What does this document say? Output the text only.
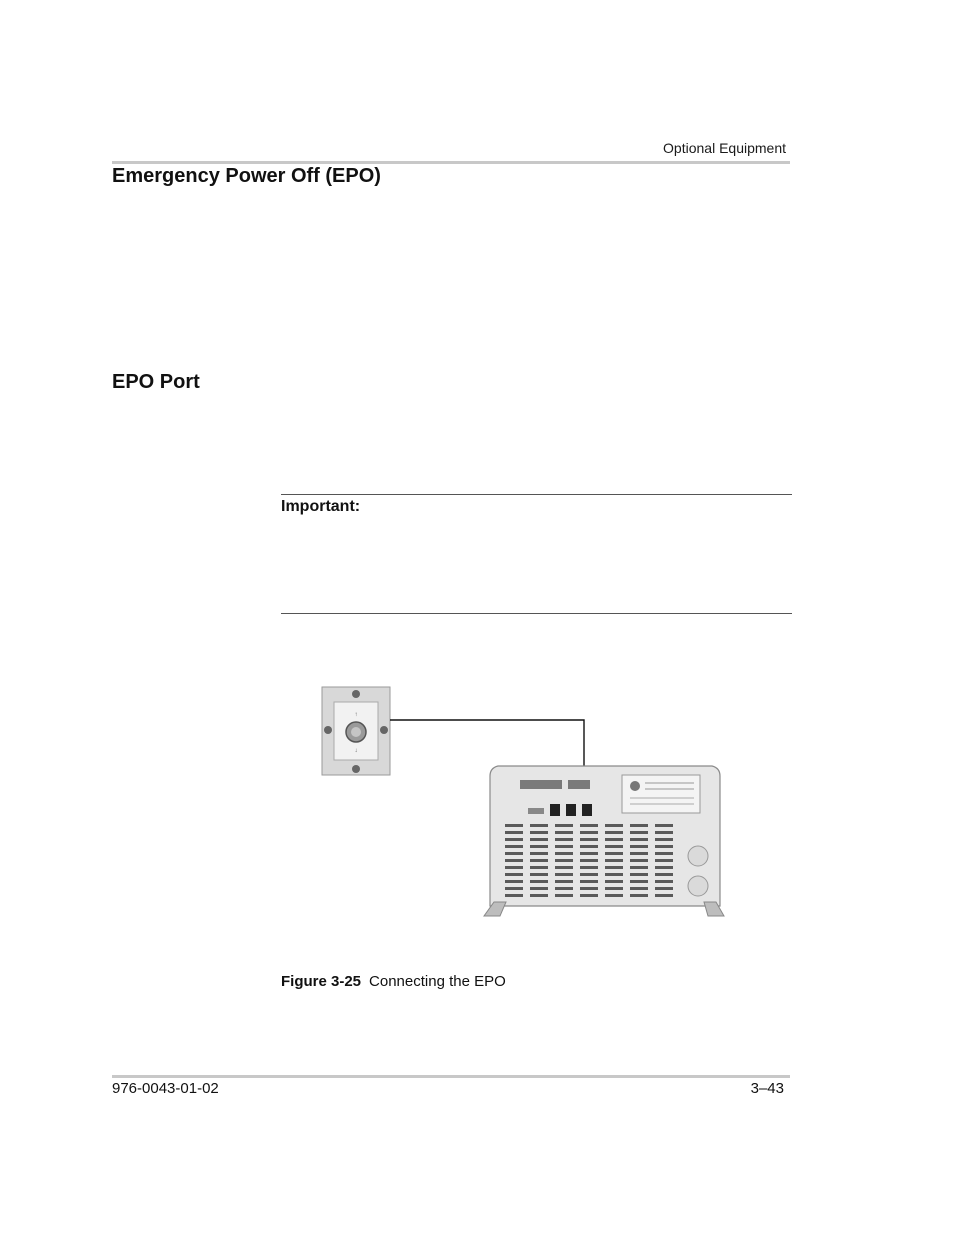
Optional Equipment
Emergency Power Off (EPO)
EPO Port
Important:
↑
↓
Figure 3-25 Connecting the EPO
976-0043-01-02	3–43
